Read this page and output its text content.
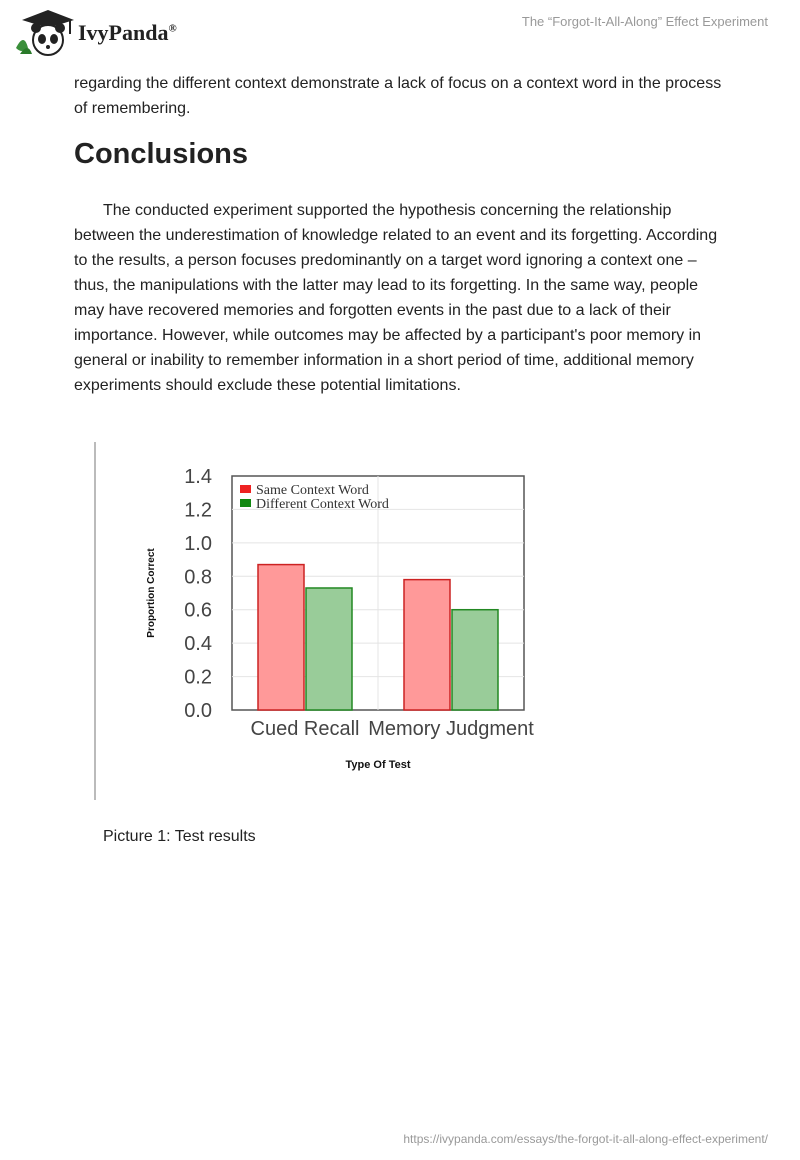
IvyPanda®	The “Forgot-It-All-Along” Effect Experiment
regarding the different context demonstrate a lack of focus on a context word in the process of remembering.
Conclusions
The conducted experiment supported the hypothesis concerning the relationship between the underestimation of knowledge related to an event and its forgetting. According to the results, a person focuses predominantly on a target word ignoring a context one – thus, the manipulations with the latter may lead to its forgetting. In the same way, people may have recovered memories and forgotten events in the past due to a lack of their importance. However, while outcomes may be affected by a participant's poor memory in general or inability to remember information in a short period of time, additional memory experiments should exclude these potential limitations.
0.0
0.2
0.4
0.6
0.8
1.0
1.2
1.4
Cued Recall Memory Judgment
Same Context Word
Different Context Word
Proportion Correct
Type Of Test
Picture 1: Test results
https://ivypanda.com/essays/the-forgot-it-all-along-effect-experiment/
